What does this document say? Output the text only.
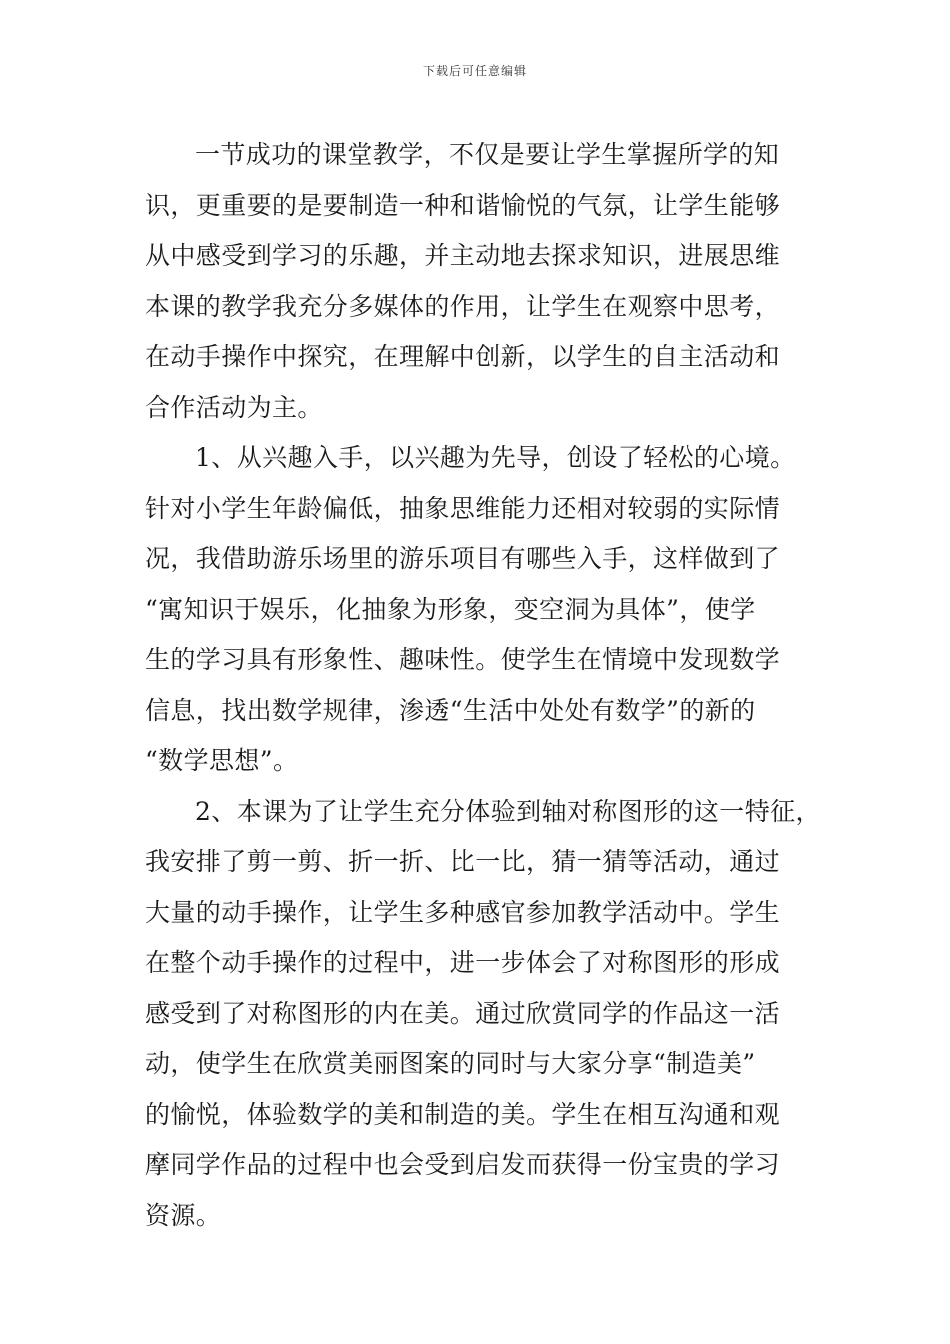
下载后可任意编辑
一节成功的课堂教学，不仅是要让学生掌握所学的知
识，更重要的是要制造一种和谐愉悦的气氛，让学生能够
从中感受到学习的乐趣，并主动地去探求知识，进展思维
本课的教学我充分多媒体的作用，让学生在观察中思考，
在动手操作中探究，在理解中创新，以学生的自主活动和
合作活动为主。
1、从兴趣入手，以兴趣为先导，创设了轻松的心境。
针对小学生年龄偏低，抽象思维能力还相对较弱的实际情
况，我借助游乐场里的游乐项目有哪些入手，这样做到了
“寓知识于娱乐，化抽象为形象，变空洞为具体”，使学
生的学习具有形象性、趣味性。使学生在情境中发现数学
信息，找出数学规律，渗透“生活中处处有数学”的新的
“数学思想”。
2、本课为了让学生充分体验到轴对称图形的这一特征，
我安排了剪一剪、折一折、比一比，猜一猜等活动，通过
大量的动手操作，让学生多种感官参加教学活动中。学生
在整个动手操作的过程中，进一步体会了对称图形的形成
感受到了对称图形的内在美。通过欣赏同学的作品这一活
动，使学生在欣赏美丽图案的同时与大家分享“制造美”
的愉悦，体验数学的美和制造的美。学生在相互沟通和观
摩同学作品的过程中也会受到启发而获得一份宝贵的学习
资源。
